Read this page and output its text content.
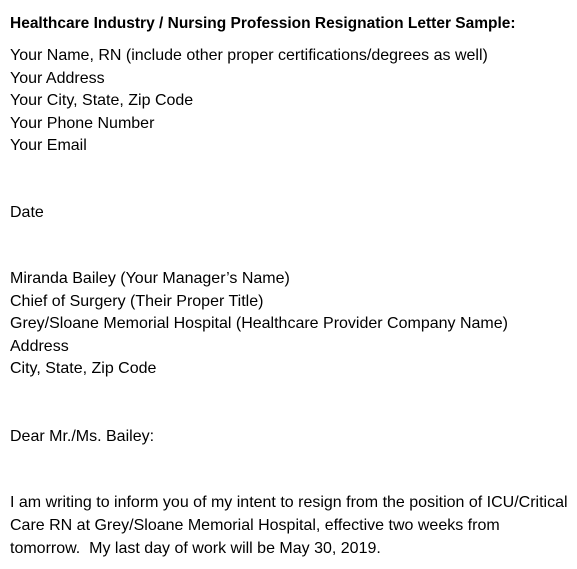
Healthcare Industry / Nursing Profession Resignation Letter Sample:
Your Name, RN (include other proper certifications/degrees as well)
Your Address
Your City, State, Zip Code
Your Phone Number
Your Email
Date
Miranda Bailey (Your Manager’s Name)
Chief of Surgery (Their Proper Title)
Grey/Sloane Memorial Hospital (Healthcare Provider Company Name)
Address
City, State, Zip Code
Dear Mr./Ms. Bailey:
I am writing to inform you of my intent to resign from the position of ICU/Critical
Care RN at Grey/Sloane Memorial Hospital, effective two weeks from
tomorrow.  My last day of work will be May 30, 2019.
